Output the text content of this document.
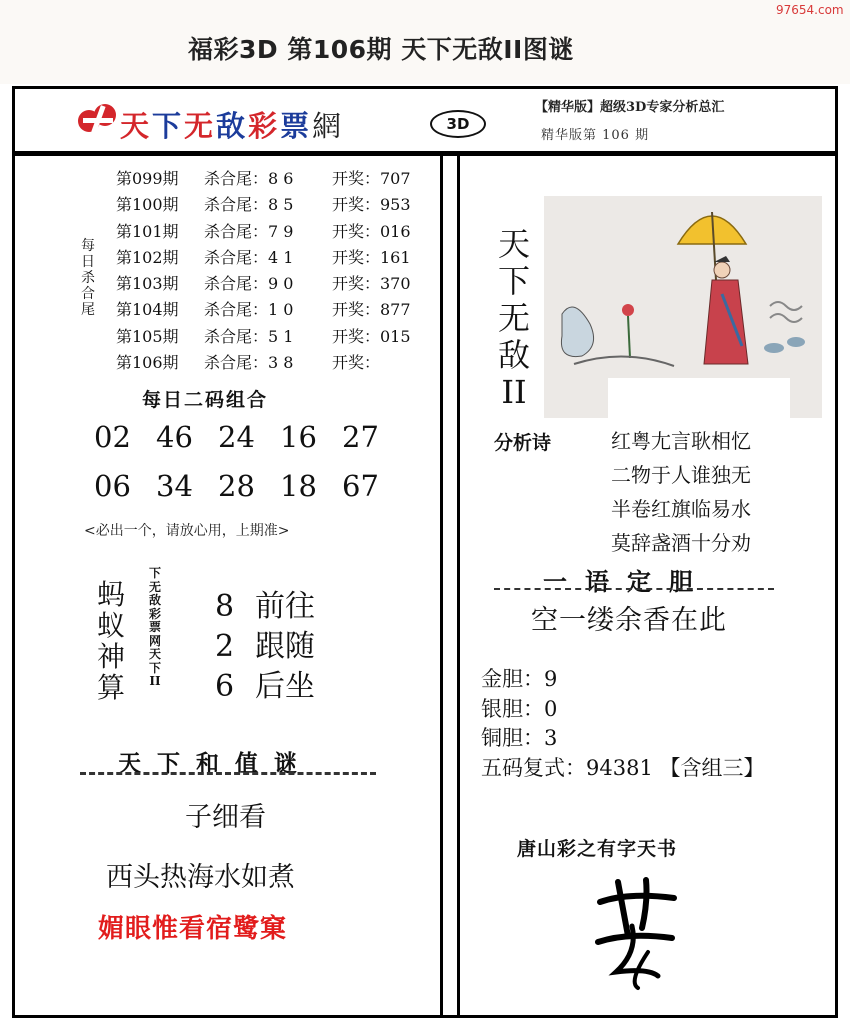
福彩3D 第106期 天下无敌II图谜
97654.com
天下无敌彩票網	3D
【精华版】超级3D专家分析总汇
精华版第 106 期
每日杀合尾
第099期	杀合尾：8 6	开奖：707
第100期	杀合尾：8 5	开奖：953
第101期	杀合尾：7 9	开奖：016
第102期	杀合尾：4 1	开奖：161
第103期	杀合尾：9 0	开奖：370
第104期	杀合尾：1 0	开奖：877
第105期	杀合尾：5 1	开奖：015
第106期	杀合尾：3 8	开奖：
每日二码组合
02 46 24 16 27
06 34 28 18 67
<必出一个，请放心用，上期准>
蚂蚁神算
下无敌彩票网天下II
8 前往
2 跟随
6 后坐
天下和值谜
子细看
西头热海水如煮
媚眼惟看宿鹭窠
天下无敌II
分析诗	红粤尢言耿相忆
二物于人谁独无
半卷红旗临易水
莫辞盏酒十分劝
一语定胆
空一缕余香在此
金胆：9
银胆：0
铜胆：3
五码复式：94381 【含组三】
唐山彩之有字天书
